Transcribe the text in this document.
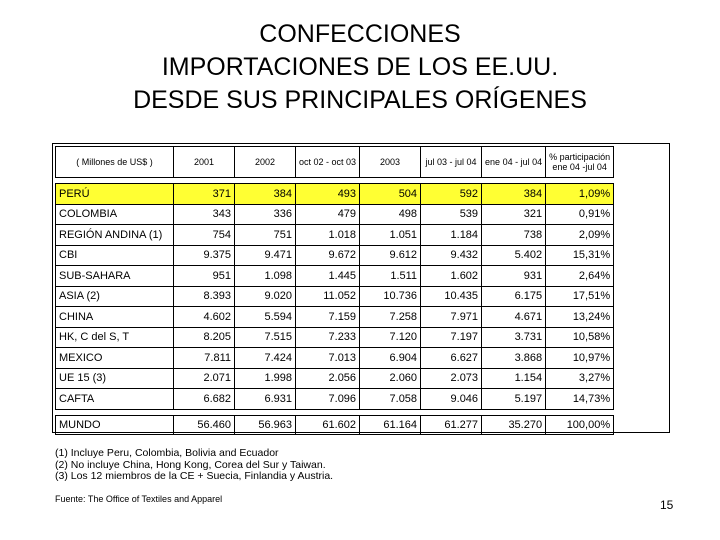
CONFECCIONES
IMPORTACIONES DE LOS EE.UU.
DESDE SUS PRINCIPALES ORÍGENES
( Millones de US$ )	2001	2002	oct 02 - oct 03	2003	jul 03 - jul 04	ene 04 - jul 04	% participación
ene 04 -jul 04

PERÚ	371	384	493	504	592	384	1,09%
COLOMBIA	343	336	479	498	539	321	0,91%
REGIÓN ANDINA (1)	754	751	1.018	1.051	1.184	738	2,09%
CBI	9.375	9.471	9.672	9.612	9.432	5.402	15,31%
SUB-SAHARA	951	1.098	1.445	1.511	1.602	931	2,64%
ASIA (2)	8.393	9.020	11.052	10.736	10.435	6.175	17,51%
CHINA	4.602	5.594	7.159	7.258	7.971	4.671	13,24%
HK, C del S, T	8.205	7.515	7.233	7.120	7.197	3.731	10,58%
MEXICO	7.811	7.424	7.013	6.904	6.627	3.868	10,97%
UE 15 (3)	2.071	1.998	2.056	2.060	2.073	1.154	3,27%
CAFTA	6.682	6.931	7.096	7.058	9.046	5.197	14,73%

MUNDO	56.460	56.963	61.602	61.164	61.277	35.270	100,00%
(1) Incluye Peru, Colombia, Bolivia and Ecuador
(2) No incluye China, Hong Kong, Corea del Sur y Taiwan.
(3) Los 12 miembros de la CE + Suecia, Finlandia y Austria.
Fuente: The Office of Textiles and Apparel	15
